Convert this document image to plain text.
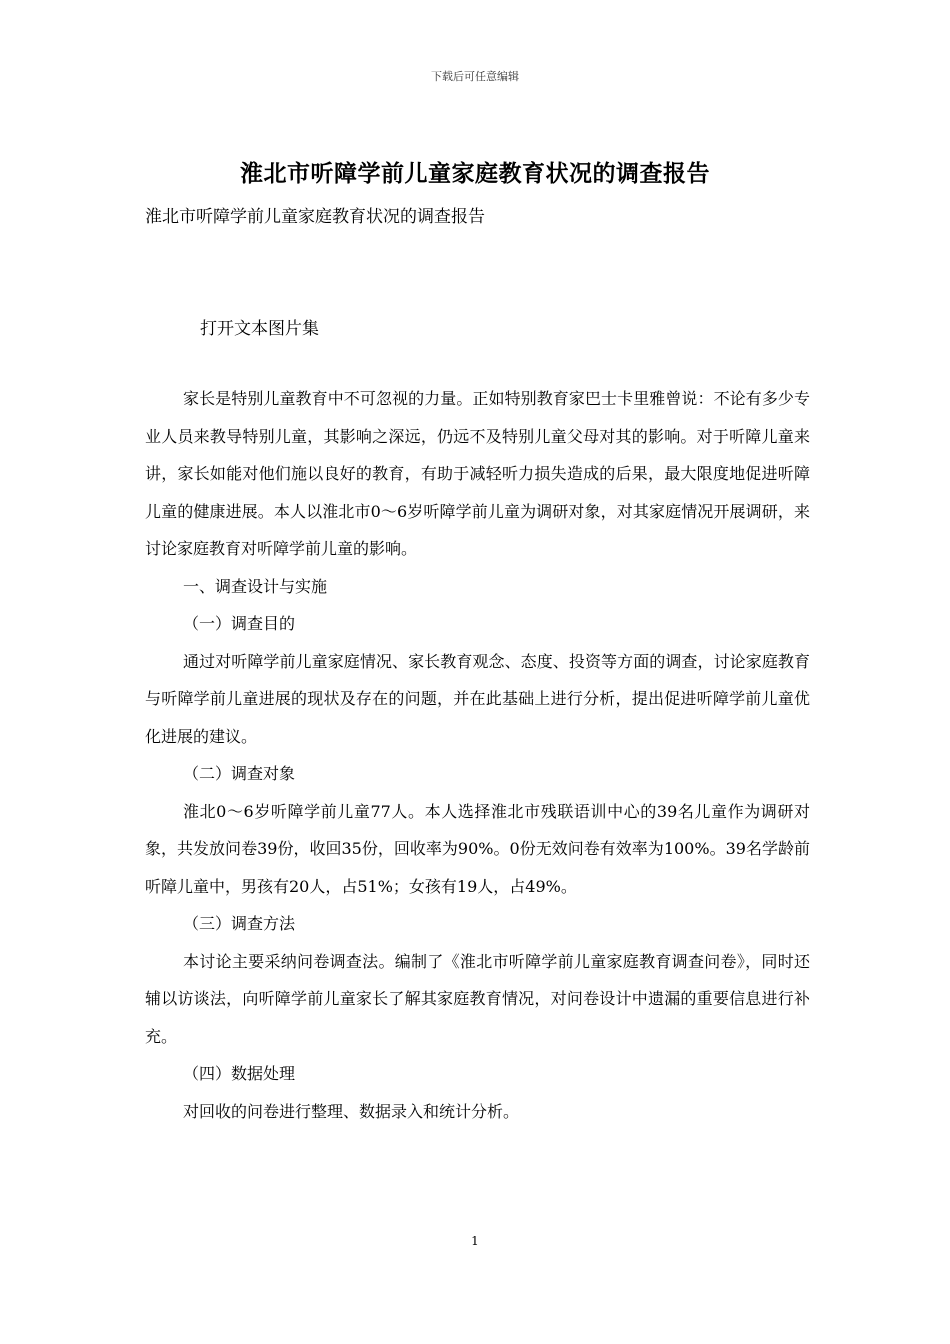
下载后可任意编辑
淮北市听障学前儿童家庭教育状况的调查报告
淮北市听障学前儿童家庭教育状况的调查报告
打开文本图片集

家长是特别儿童教育中不可忽视的力量。正如特别教育家巴士卡里雅曾说：不论有多少专业人员来教导特别儿童，其影响之深远，仍远不及特别儿童父母对其的影响。对于听障儿童来讲，家长如能对他们施以良好的教育，有助于减轻听力损失造成的后果，最大限度地促进听障儿童的健康进展。本人以淮北市0～6岁听障学前儿童为调研对象，对其家庭情况开展调研，来讨论家庭教育对听障学前儿童的影响。

一、调查设计与实施

（一）调查目的

通过对听障学前儿童家庭情况、家长教育观念、态度、投资等方面的调查，讨论家庭教育与听障学前儿童进展的现状及存在的问题，并在此基础上进行分析，提出促进听障学前儿童优化进展的建议。

（二）调查对象

淮北0～6岁听障学前儿童77人。本人选择淮北市残联语训中心的39名儿童作为调研对象，共发放问卷39份，收回35份，回收率为90%。0份无效问卷有效率为100%。39名学龄前听障儿童中，男孩有20人，占51%；女孩有19人，占49%。

（三）调查方法

本讨论主要采纳问卷调查法。编制了《淮北市听障学前儿童家庭教育调查问卷》，同时还辅以访谈法，向听障学前儿童家长了解其家庭教育情况，对问卷设计中遗漏的重要信息进行补充。

（四）数据处理

对回收的问卷进行整理、数据录入和统计分析。

1
